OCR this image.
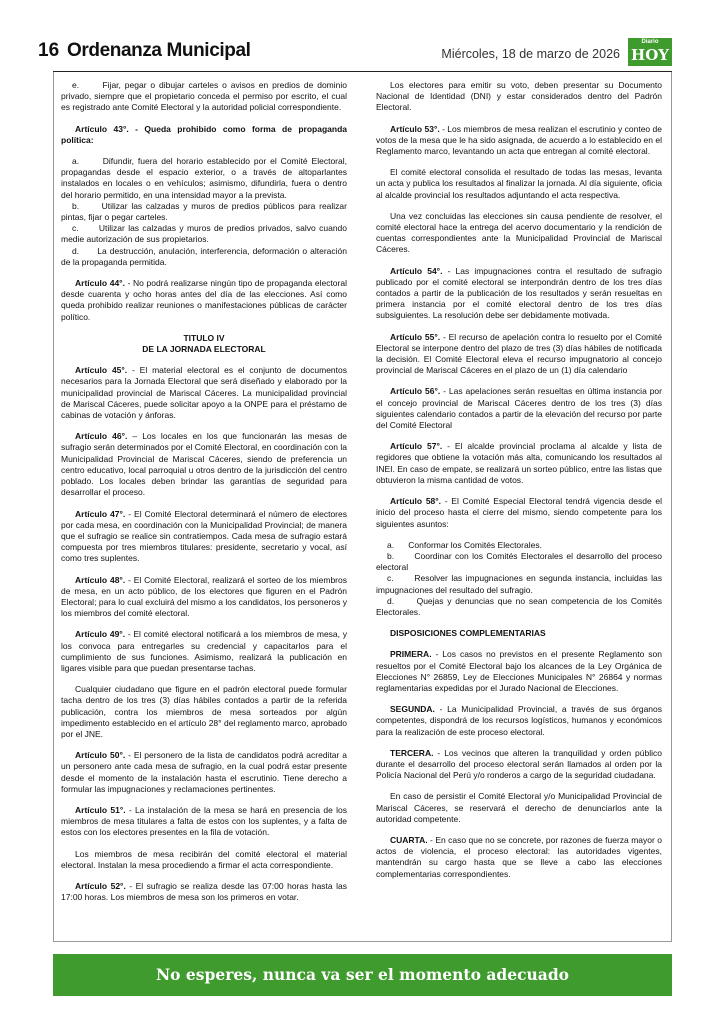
16 Ordenanza Municipal	Miércoles, 18 de marzo de 2026
Diario
HOY

e.      Fijar, pegar o dibujar carteles o avisos en predios de dominio privado, siempre que el propietario conceda el permiso por escrito, el cual es registrado ante Comité Electoral y la autoridad policial correspondiente.

Artículo 43°. - Queda prohibido como forma de propaganda política:

a.      Difundir, fuera del horario establecido por el Comité Electoral, propagandas desde el espacio exterior, o a través de altoparlantes instalados en locales o en vehículos; asimismo, difundirla, fuera o dentro del horario permitido, en una intensidad mayor a la prevista.

b.      Utilizar las calzadas y muros de predios públicos para realizar pintas, fijar o pegar carteles.

c.      Utilizar las calzadas y muros de predios privados, salvo cuando medie autorización de sus propietarios.

d.      La destrucción, anulación, interferencia, deformación o alteración de la propaganda permitida.

Artículo 44°. - No podrá realizarse ningún tipo de propaganda electoral desde cuarenta y ocho horas antes del día de las elecciones. Así como queda prohibido realizar reuniones o manifestaciones públicas de carácter político.

TITULO IV

DE LA JORNADA ELECTORAL

Artículo 45°. - El material electoral es el conjunto de documentos necesarios para la Jornada Electoral que será diseñado y elaborado por la municipalidad provincial de Mariscal Cáceres. La municipalidad provincial de Mariscal Cáceres, puede solicitar apoyo a la ONPE para el préstamo de cabinas de votación y ánforas.

Artículo 46°. – Los locales en los que funcionarán las mesas de sufragio serán determinados por el Comité Electoral, en coordinación con la Municipalidad Provincial de Mariscal Cáceres, siendo de preferencia un centro educativo, local parroquial u otros dentro de la jurisdicción del centro poblado. Los locales deben brindar las garantías de seguridad para desarrollar el proceso.

Artículo 47°. - El Comité Electoral determinará el número de electores por cada mesa, en coordinación con la Municipalidad Provincial; de manera que el sufragio se realice sin contratiempos. Cada mesa de sufragio estará compuesta por tres miembros titulares: presidente, secretario y vocal, así como tres suplentes.

Artículo 48°. - El Comité Electoral, realizará el sorteo de los miembros de mesa, en un acto público, de los electores que figuren en el Padrón Electoral; para lo cual excluirá del mismo a los candidatos, los personeros y los miembros del comité electoral.

Artículo 49°. - El comité electoral notificará a los miembros de mesa, y los convoca para entregarles su credencial y capacitarlos para el cumplimiento de sus funciones. Asimismo, realizará la publicación en ligares visible para que puedan presentarse tachas.

Cualquier ciudadano que figure en el padrón electoral puede formular tacha dentro de los tres (3) días hábiles contados a partir de la referida publicación, contra los miembros de mesa sorteados por algún impedimento establecido en el artículo 28° del reglamento marco, aprobado por el JNE.

Artículo 50°. - El personero de la lista de candidatos podrá acreditar a un personero ante cada mesa de sufragio, en la cual podrá estar presente desde el momento de la instalación hasta el escrutinio. Tiene derecho a formular las impugnaciones y reclamaciones pertinentes.

Artículo 51°. - La instalación de la mesa se hará en presencia de los miembros de mesa titulares a falta de estos con los suplentes, y a falta de estos con los electores presentes en la fila de votación.

Los miembros de mesa recibirán del comité electoral el material electoral. Instalan la mesa procediendo a firmar el acta correspondiente.

Artículo 52°. - El sufragio se realiza desde las 07:00 horas hasta las 17:00 horas. Los miembros de mesa son los primeros en votar.

Los electores para emitir su voto, deben presentar su Documento Nacional de Identidad (DNI) y estar considerados dentro del Padrón Electoral.

Artículo 53°. - Los miembros de mesa realizan el escrutinio y conteo de votos de la mesa que le ha sido asignada, de acuerdo a lo establecido en el Reglamento marco, levantando un acta que entregan al comité electoral.

El comité electoral consolida el resultado de todas las mesas, levanta un acta y publica los resultados al finalizar la jornada. Al día siguiente, oficia al alcalde provincial los resultados adjuntando el acta respectiva.

Una vez concluidas las elecciones sin causa pendiente de resolver, el comité electoral hace la entrega del acervo documentario y la rendición de cuentas correspondientes ante la Municipalidad Provincial de Mariscal Cáceres.

Artículo 54°. - Las impugnaciones contra el resultado de sufragio publicado por el comité electoral se interpondrán dentro de los tres días contados a partir de la publicación de los resultados y serán resueltas en primera instancia por el comité electoral dentro de los tres días subsiguientes. La resolución debe ser debidamente motivada.

Artículo 55°. - El recurso de apelación contra lo resuelto por el Comité Electoral se interpone dentro del plazo de tres (3) días hábiles de notificada la decisión. El Comité Electoral eleva el recurso impugnatorio al concejo provincial de Mariscal Cáceres en el plazo de un (1) día calendario

Artículo 56°. - Las apelaciones serán resueltas en última instancia por el concejo provincial de Mariscal Cáceres dentro de los tres (3) días siguientes calendario contados a partir de la elevación del recurso por parte del Comité Electoral

Artículo 57°. - El alcalde provincial proclama al alcalde y lista de regidores que obtiene la votación más alta, comunicando los resultados al INEI. En caso de empate, se realizará un sorteo público, entre las listas que obtuvieron la misma cantidad de votos.

Artículo 58°. - El Comité Especial Electoral tendrá vigencia desde el inicio del proceso hasta el cierre del mismo, siendo competente para los siguientes asuntos:

a.      Conformar los Comités Electorales.

b.      Coordinar con los Comités Electorales el desarrollo del proceso electoral

c.      Resolver las impugnaciones en segunda instancia, incluidas las impugnaciones del resultado del sufragio.

d.      Quejas y denuncias que no sean competencia de los Comités Electorales.

DISPOSICIONES COMPLEMENTARIAS

PRIMERA. - Los casos no previstos en el presente Reglamento son resueltos por el Comité Electoral bajo los alcances de la Ley Orgánica de Elecciones N° 26859, Ley de Elecciones Municipales N° 26864 y normas reglamentarias expedidas por el Jurado Nacional de Elecciones.

SEGUNDA. - La Municipalidad Provincial, a través de sus órganos competentes, dispondrá de los recursos logísticos, humanos y económicos para la realización de este proceso electoral.

TERCERA. - Los vecinos que alteren la tranquilidad y orden público durante el desarrollo del proceso electoral serán llamados al orden por la Policía Nacional del Perú y/o ronderos a cargo de la seguridad ciudadana.

En caso de persistir el Comité Electoral y/o Municipalidad Provincial de Mariscal Cáceres, se reservará el derecho de denunciarlos ante la autoridad competente.

CUARTA. - En caso que no se concrete, por razones de fuerza mayor o actos de violencia, el proceso electoral: las autoridades vigentes, mantendrán su cargo hasta que se lleve a cabo las elecciones complementarias correspondientes.

No esperes, nunca va ser el momento adecuado
